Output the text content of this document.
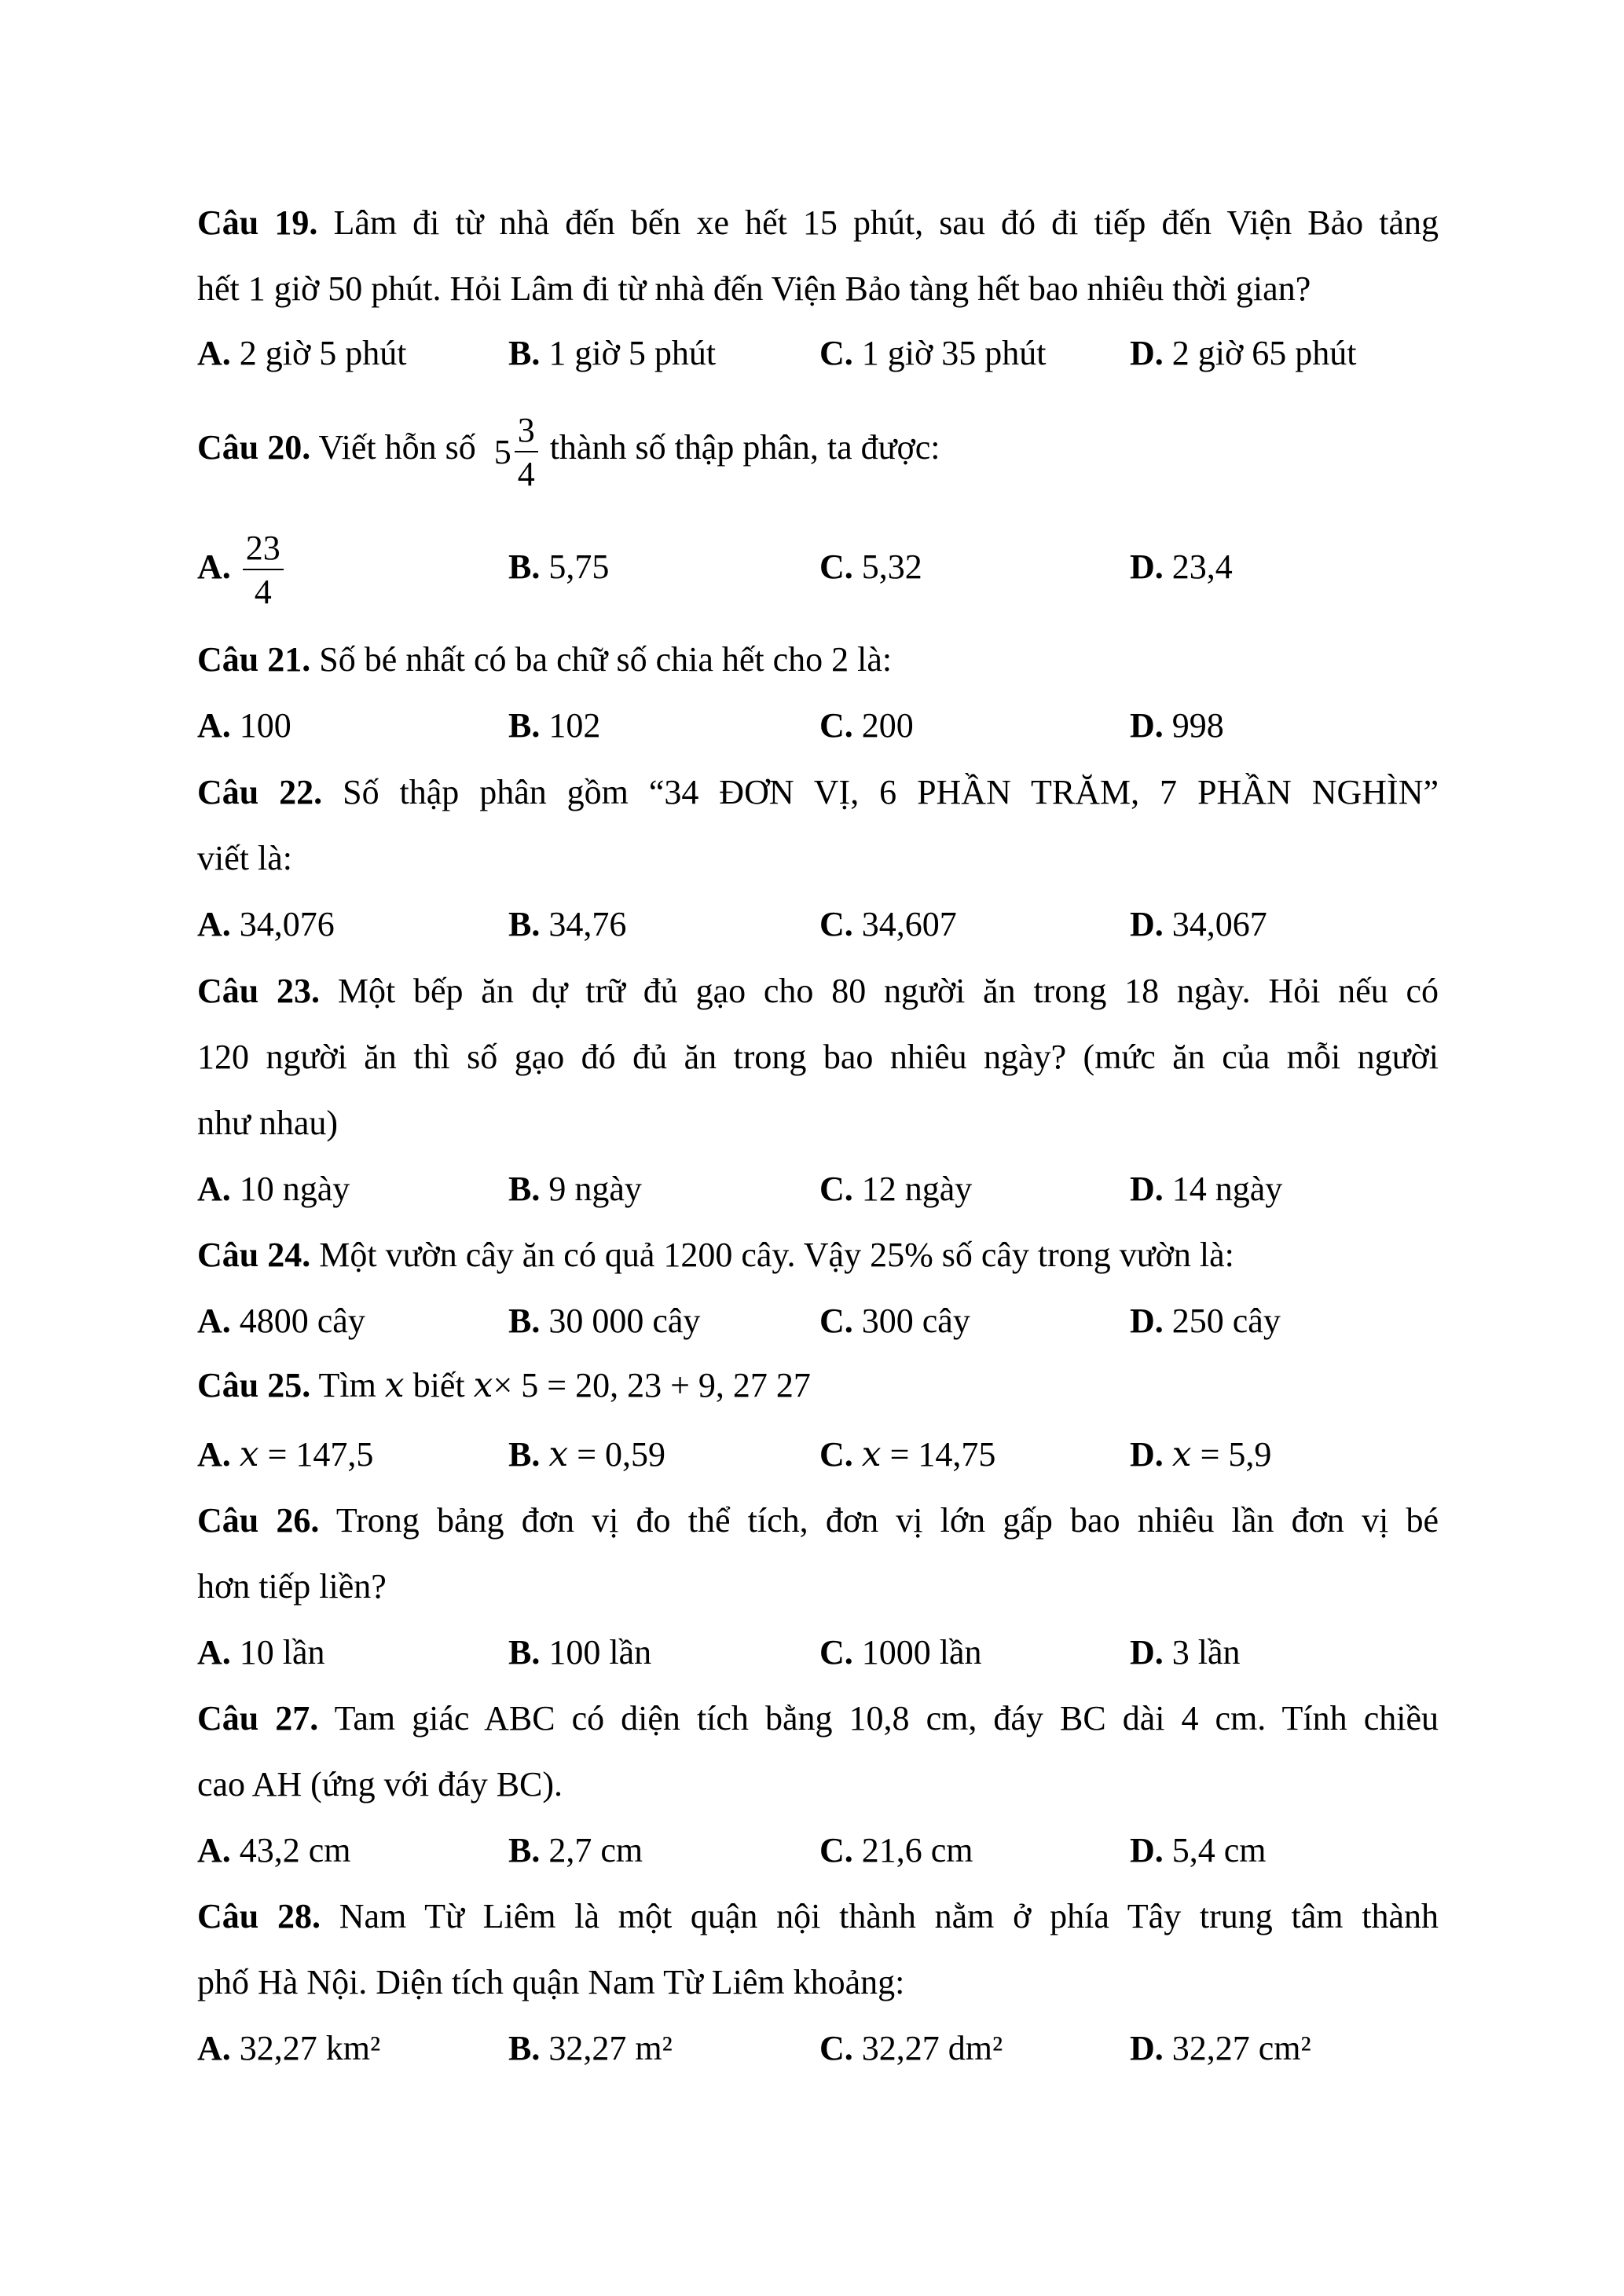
Câu 19. Lâm đi từ nhà đến bến xe hết 15 phút, sau đó đi tiếp đến Viện Bảo tảng
hết 1 giờ 50 phút. Hỏi Lâm đi từ nhà đến Viện Bảo tàng hết bao nhiêu thời gian?
A. 2 giờ 5 phút	B. 1 giờ 5 phút	C. 1 giờ 35 phút D. 2 giờ 65 phút
Câu 20. Viết hỗn số $5 \frac{3}{4}$ thành số thập phân, ta được:
A. $\frac{23}{4}$	B. 5,75	C. 5,32	D. 23,4
Câu 21. Số bé nhất có ba chữ số chia hết cho 2 là:
A. 100	B. 102	C. 200	D. 998
Câu 22. Số thập phân gồm “34 ĐƠN VỊ, 6 PHẦN TRĂM, 7 PHẦN NGHÌN”
viết là:
A. 34,076	B. 34,76	C. 34,607	D. 34,067
Câu 23. Một bếp ăn dự trữ đủ gạo cho 80 người ăn trong 18 ngày. Hỏi nếu có
120 người ăn thì số gạo đó đủ ăn trong bao nhiêu ngày? (mức ăn của mỗi người
như nhau)
A. 10 ngày	B. 9 ngày	C. 12 ngày	D. 14 ngày
Câu 24. Một vườn cây ăn có quả 1200 cây. Vậy 25% số cây trong vườn là:
A. 4800 cây	B. 30 000 cây	C. 300 cây	D. 250 cây
Câu 25. Tìm x biết x× 5 = 20, 23 + 9, 27 27
A. x = 147,5	B. x = 0,59	C. x = 14,75	D. x = 5,9
Câu 26. Trong bảng đơn vị đo thể tích, đơn vị lớn gấp bao nhiêu lần đơn vị bé
hơn tiếp liền?
A. 10 lần	B. 100 lần	C. 1000 lần	D. 3 lần
Câu 27. Tam giác ABC có diện tích bằng 10,8 cm, đáy BC dài 4 cm. Tính chiều
cao AH (ứng với đáy BC).
A. 43,2 cm	B. 2,7 cm	C. 21,6 cm	D. 5,4 cm
Câu 28. Nam Từ Liêm là một quận nội thành nằm ở phía Tây trung tâm thành
phố Hà Nội. Diện tích quận Nam Từ Liêm khoảng:
A. 32,27 km²	B. 32,27 m²	C. 32,27 dm²	D. 32,27 cm²
